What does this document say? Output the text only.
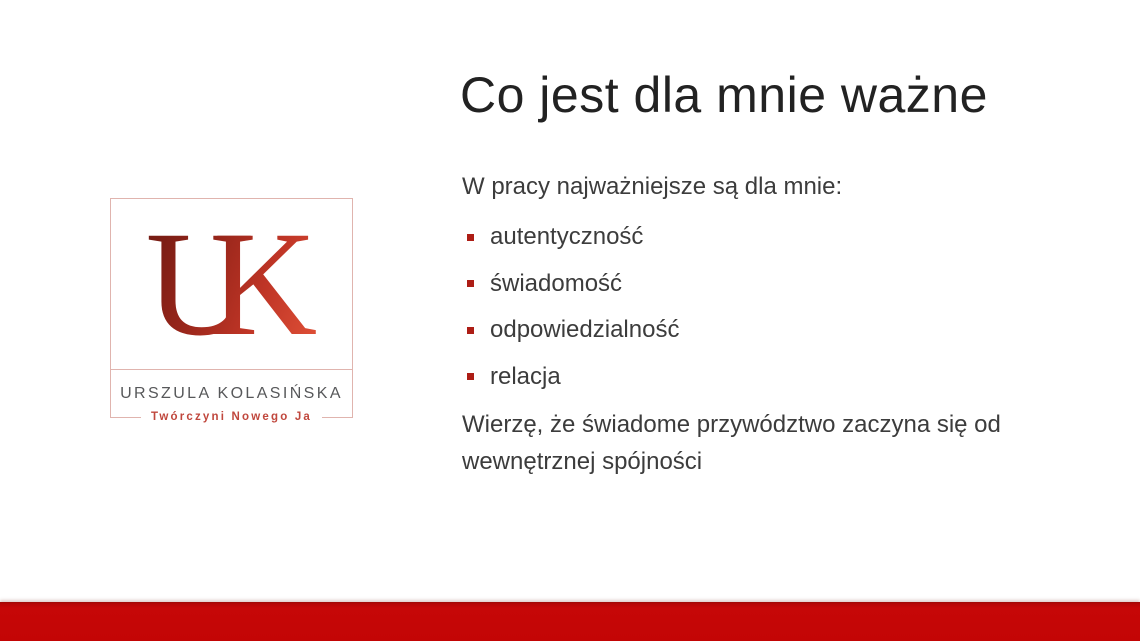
UK
URSZULA KOLASIŃSKA
Twórczyni Nowego Ja
Co jest dla mnie ważne

W pracy najważniejsze są dla mnie:

autentyczność
świadomość
odpowiedzialność
relacja

Wierzę, że świadome przywództwo zaczyna się od wewnętrznej spójności
